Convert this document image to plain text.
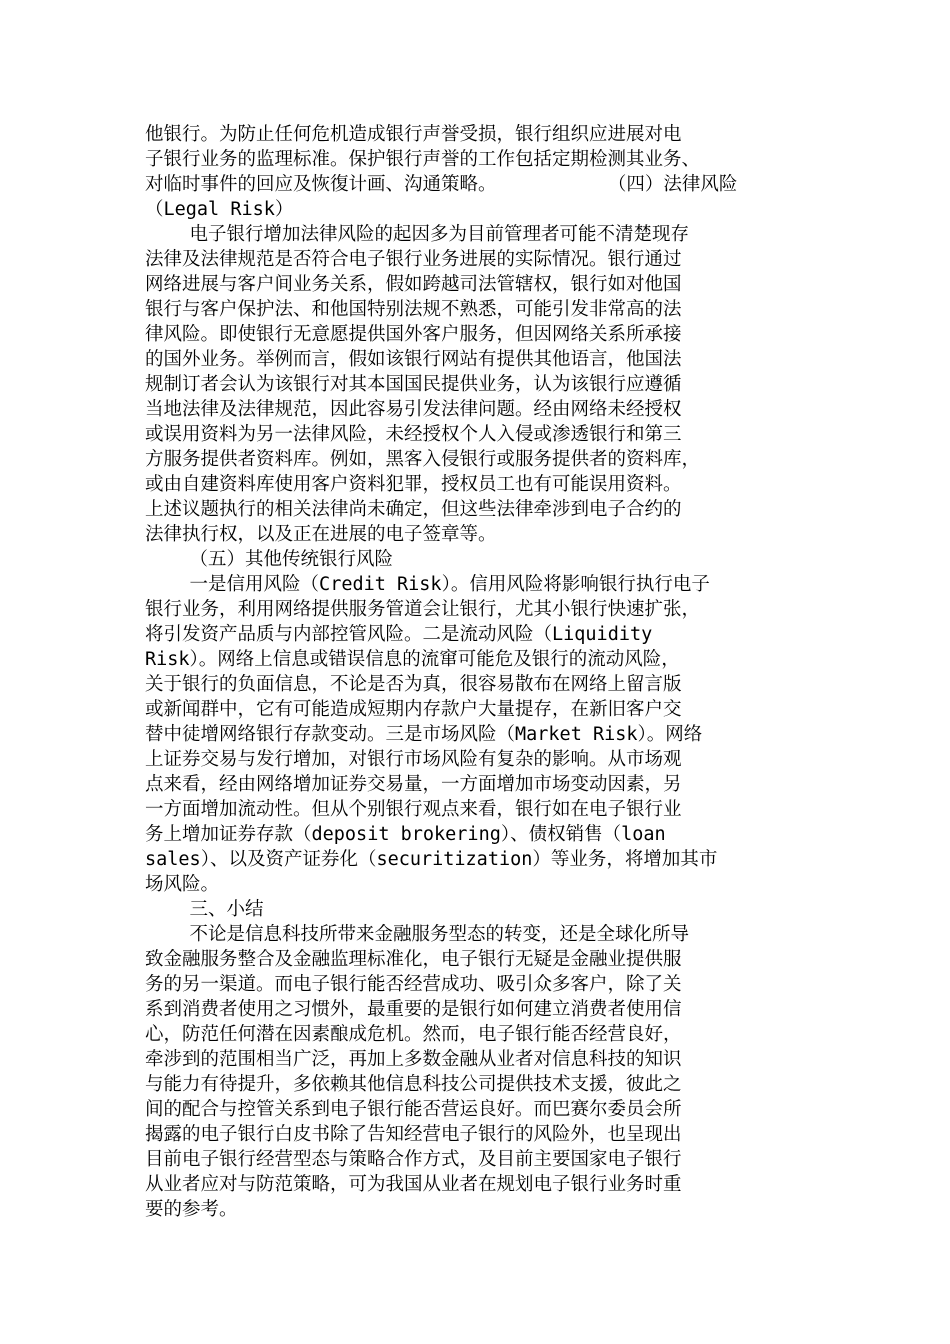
他银行。为防止任何危机造成银行声誉受损，银行组织应进展对电
子银行业务的监理标准。保护银行声誉的工作包括定期检测其业务、
对临时事件的回应及恢復计画、沟通策略。          （四）法律风险
（Legal Risk）
电子银行增加法律风险的起因多为目前管理者可能不清楚现存
法律及法律规范是否符合电子银行业务进展的实际情况。银行通过
网络进展与客户间业务关系，假如跨越司法管辖权，银行如对他国
银行与客户保护法、和他国特别法规不熟悉，可能引发非常高的法
律风险。即使银行无意愿提供国外客户服务，但因网络关系所承接
的国外业务。举例而言，假如该银行网站有提供其他语言，他国法
规制订者会认为该银行对其本国国民提供业务，认为该银行应遵循
当地法律及法律规范，因此容易引发法律问题。经由网络未经授权
或误用资料为另一法律风险，未经授权个人入侵或渗透银行和第三
方服务提供者资料库。例如，黑客入侵银行或服务提供者的资料库，
或由自建资料库使用客户资料犯罪，授权员工也有可能误用资料。
上述议题执行的相关法律尚未确定，但这些法律牵涉到电子合约的
法律执行权，以及正在进展的电子签章等。
（五）其他传统银行风险
一是信用风险（Credit Risk）。信用风险将影响银行执行电子
银行业务，利用网络提供服务管道会让银行，尤其小银行快速扩张，
将引发资产品质与内部控管风险。二是流动风险（Liquidity
Risk）。网络上信息或错误信息的流窜可能危及银行的流动风险，
关于银行的负面信息，不论是否为真，很容易散布在网络上留言版
或新闻群中，它有可能造成短期内存款户大量提存，在新旧客户交
替中徒增网络银行存款变动。三是市场风险（Market Risk）。网络
上证券交易与发行增加，对银行市场风险有复杂的影响。从市场观
点来看，经由网络增加证券交易量，一方面增加市场变动因素，另
一方面增加流动性。但从个别银行观点来看，银行如在电子银行业
务上增加证券存款（deposit brokering）、债权销售（loan
sales）、以及资产证券化（securitization）等业务，将增加其市
场风险。
三、小结
不论是信息科技所带来金融服务型态的转变，还是全球化所导
致金融服务整合及金融监理标准化，电子银行无疑是金融业提供服
务的另一渠道。而电子银行能否经营成功、吸引众多客户，除了关
系到消费者使用之习惯外，最重要的是银行如何建立消费者使用信
心，防范任何潜在因素酿成危机。然而，电子银行能否经营良好，
牵涉到的范围相当广泛，再加上多数金融从业者对信息科技的知识
与能力有待提升，多依赖其他信息科技公司提供技术支援，彼此之
间的配合与控管关系到电子银行能否营运良好。而巴赛尔委员会所
揭露的电子银行白皮书除了告知经营电子银行的风险外，也呈现出
目前电子银行经营型态与策略合作方式，及目前主要国家电子银行
从业者应对与防范策略，可为我国从业者在规划电子银行业务时重
要的参考。
